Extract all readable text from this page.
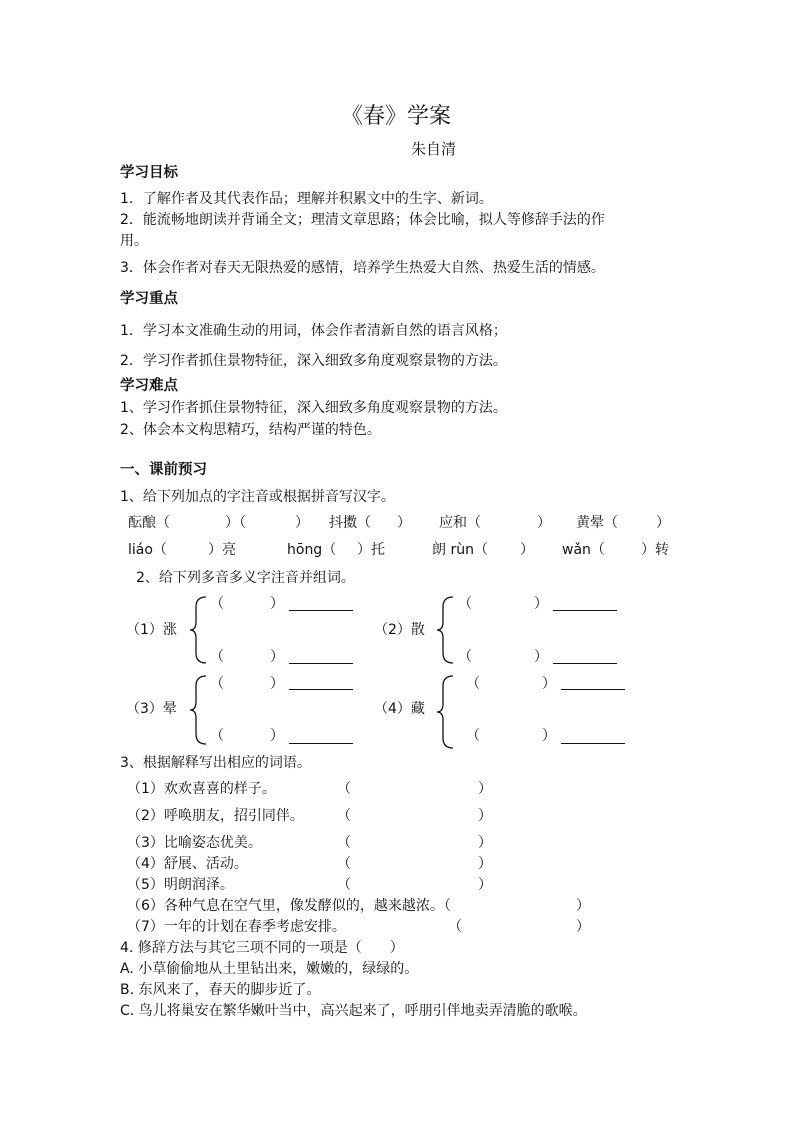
《春》学案
朱自清
学习目标
1．了解作者及其代表作品；理解并积累文中的生字、新词。
2．能流畅地朗读并背诵全文；理清文章思路；体会比喻，拟人等修辞手法的作
用。
3．体会作者对春天无限热爱的感情，培养学生热爱大自然、热爱生活的情感。
学习重点
1．学习本文准确生动的用词，体会作者清新自然的语言风格；
2．学习作者抓住景物特征，深入细致多角度观察景物的方法。
学习难点
1、学习作者抓住景物特征，深入细致多角度观察景物的方法。
2、体会本文构思精巧，结构严谨的特色。
一、课前预习
1、给下列加点的字注音或根据拼音写汉字。
酝酿（	）（	） 抖擞（ ） 应和（	） 黄晕（	）
liáo（	）亮	hōng（ ）托	朗 rùn（ ） wǎn（	）转
2、给下列多音多义字注音并组词。
（1）涨
（	）
（	）
（2）散
（	）
（	）
（3）晕
（	）
（	）
（4）藏
（	）
（	）
3、根据解释写出相应的词语。
（1）欢欢喜喜的样子。	（	）
（2）呼唤朋友，招引同伴。 （	）
（3）比喻姿态优美。	（	）
（4）舒展、活动。	（	）
（5）明朗润泽。	（	）
（6）各种气息在空气里，像发酵似的，越来越浓。（	）
（7）一年的计划在春季考虑安排。	（	）
4. 修辞方法与其它三项不同的一项是（　　）
A. 小草偷偷地从土里钻出来，嫩嫩的，绿绿的。
B. 东风来了，春天的脚步近了。
C. 鸟儿将巢安在繁华嫩叶当中，高兴起来了，呼朋引伴地卖弄清脆的歌喉。
